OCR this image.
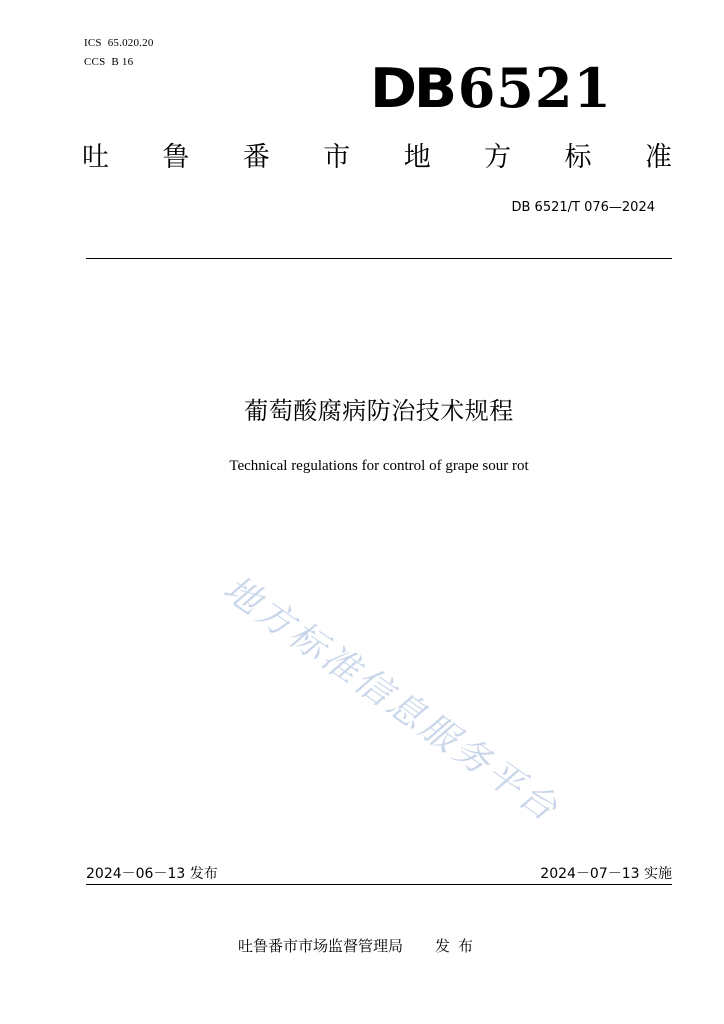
ICS 65.020.20
CCS B 16	DB6521
吐 鲁 番 市 地 方 标 准
DB 6521/T 076—2024
葡萄酸腐病防治技术规程
Technical regulations for control of grape sour rot
地方标准信息服务平台
2024－06－13 发布	2024－07－13 实施
吐鲁番市市场监督管理局 发布
